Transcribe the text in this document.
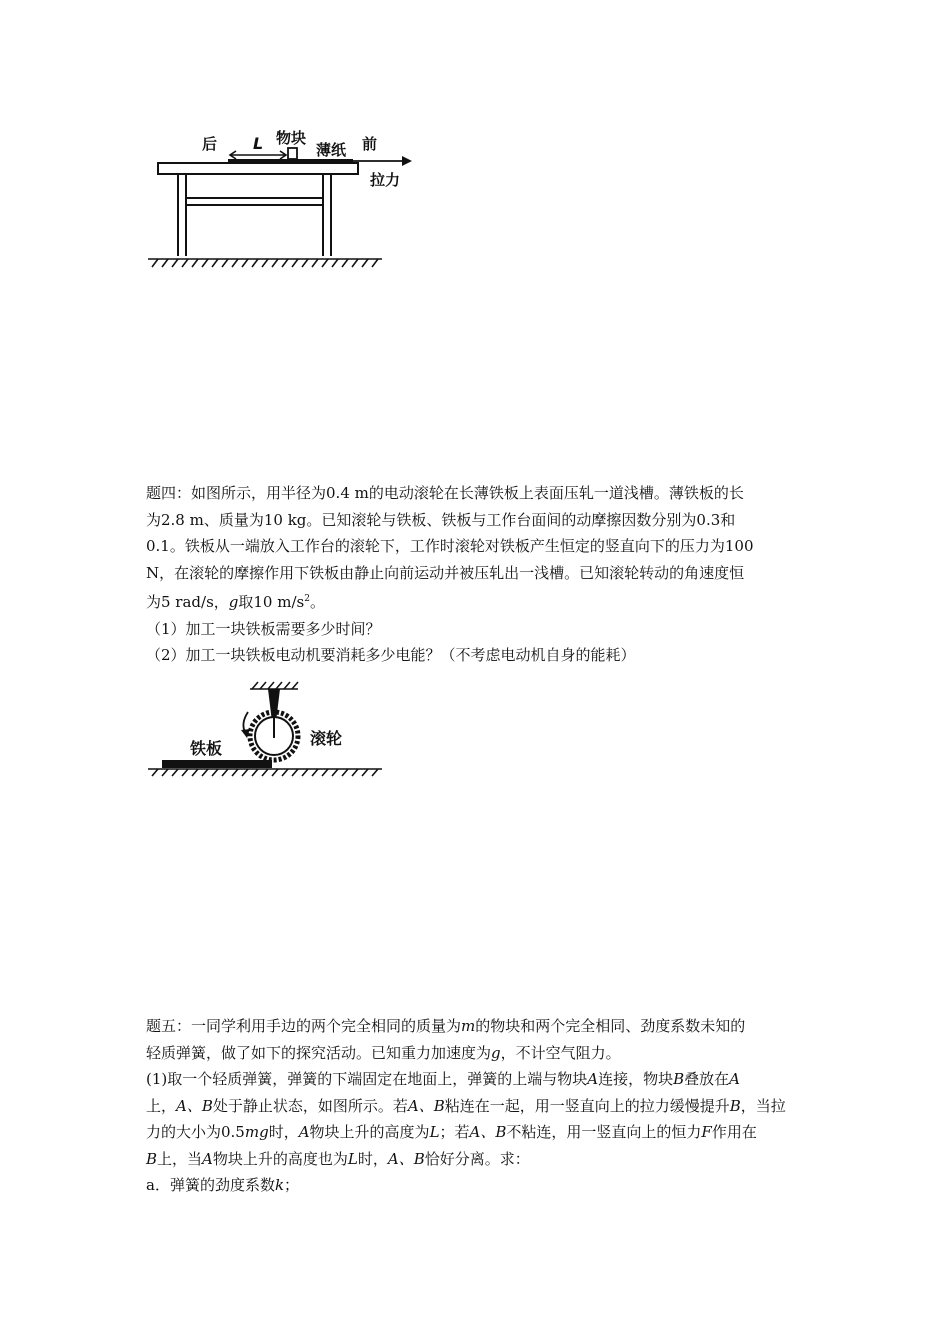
后 L 物块
薄纸 前
拉力

题四：如图所示，用半径为0.4 m的电动滚轮在长薄铁板上表面压轧一道浅槽。薄铁板的长

为2.8 m、质量为10 kg。已知滚轮与铁板、铁板与工作台面间的动摩擦因数分别为0.3和

0.1。铁板从一端放入工作台的滚轮下，工作时滚轮对铁板产生恒定的竖直向下的压力为100

N，在滚轮的摩擦作用下铁板由静止向前运动并被压轧出一浅槽。已知滚轮转动的角速度恒

为5 rad/s，g取10 $m/s^2$。

（1）加工一块铁板需要多少时间？

（2）加工一块铁板电动机要消耗多少电能？（不考虑电动机自身的能耗）

铁板
滚轮

题五：一同学利用手边的两个完全相同的质量为m的物块和两个完全相同、劲度系数未知的

轻质弹簧，做了如下的探究活动。已知重力加速度为g，不计空气阻力。

(1)取一个轻质弹簧，弹簧的下端固定在地面上，弹簧的上端与物块A连接，物块B叠放在A

上，A、B处于静止状态，如图所示。若A、B粘连在一起，用一竖直向上的拉力缓慢提升B，当拉

力的大小为0.5mg时，A物块上升的高度为L；若A、B不粘连，用一竖直向上的恒力F作用在

B上，当A物块上升的高度也为L时，A、B恰好分离。求：

a．弹簧的劲度系数k；
